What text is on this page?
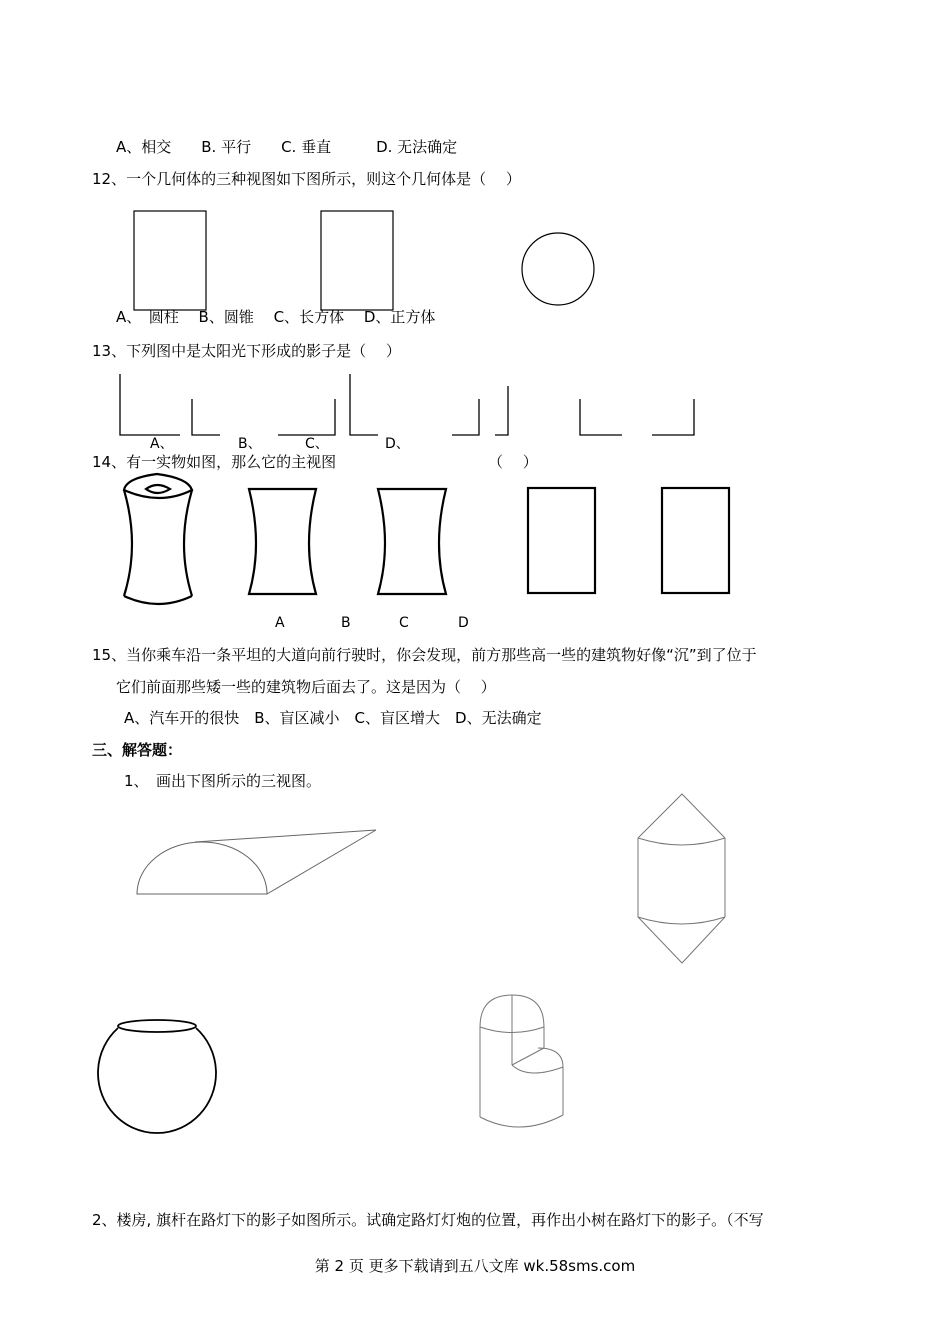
A、相交　　B. 平行　　C. 垂直　　　D. 无法确定
12、一个几何体的三种视图如下图所示，则这个几何体是（　 ）
A、　圆柱　 B、圆锥　 C、长方体　 D、正方体
13、下列图中是太阳光下形成的影子是（　 ）
A、	B、	C、	D、
14、有一实物如图，那么它的主视图	（　 ）
A	B	C	D
15、当你乘车沿一条平坦的大道向前行驶时，你会发现，前方那些高一些的建筑物好像“沉”到了位于
它们前面那些矮一些的建筑物后面去了。这是因为（　 ）
A、汽车开的很快　B、盲区减小　C、盲区增大　D、无法确定
三、解答题：
1、　画出下图所示的三视图。
2、楼房, 旗杆在路灯下的影子如图所示。试确定路灯灯炮的位置，再作出小树在路灯下的影子。（不写
第 2 页 更多下载请到五八文库 wk.58sms.com
